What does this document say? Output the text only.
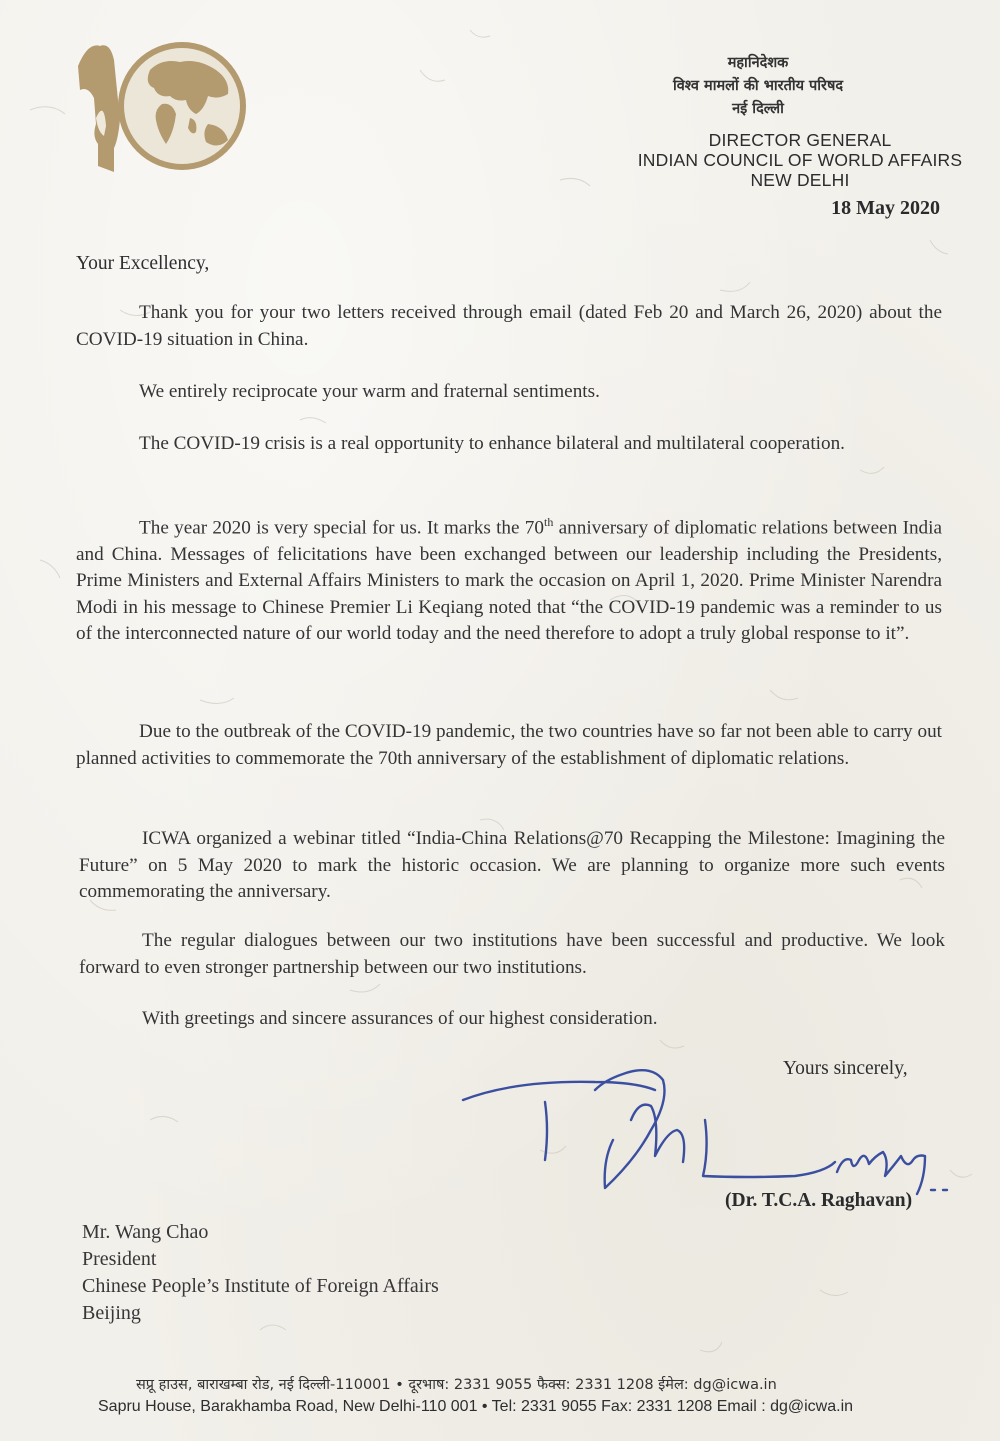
महानिदेशक
विश्व मामलों की भारतीय परिषद
नई दिल्ली
DIRECTOR GENERAL
INDIAN COUNCIL OF WORLD AFFAIRS
NEW DELHI
18 May 2020
Your Excellency,

Thank you for your two letters received through email (dated Feb 20 and March 26, 2020) about the COVID-19 situation in China.

We entirely reciprocate your warm and fraternal sentiments.

The COVID-19 crisis is a real opportunity to enhance bilateral and multilateral cooperation.

The year 2020 is very special for us. It marks the 70th anniversary of diplomatic relations between India and China. Messages of felicitations have been exchanged between our leadership including the Presidents, Prime Ministers and External Affairs Ministers to mark the occasion on April 1, 2020. Prime Minister Narendra Modi in his message to Chinese Premier Li Keqiang noted that “the COVID-19 pandemic was a reminder to us of the interconnected nature of our world today and the need therefore to adopt a truly global response to it”.

Due to the outbreak of the COVID-19 pandemic, the two countries have so far not been able to carry out planned activities to commemorate the 70th anniversary of the establishment of diplomatic relations.

ICWA organized a webinar titled “India-China Relations@70 Recapping the Milestone: Imagining the Future” on 5 May 2020 to mark the historic occasion. We are planning to organize more such events commemorating the anniversary.

The regular dialogues between our two institutions have been successful and productive. We look forward to even stronger partnership between our two institutions.

With greetings and sincere assurances of our highest consideration.

Yours sincerely,
(Dr. T.C.A. Raghavan)
Mr. Wang Chao
President
Chinese People’s Institute of Foreign Affairs
Beijing
सप्रू हाउस, बाराखम्बा रोड, नई दिल्ली-110001 • दूरभाष: 2331 9055 फैक्स: 2331 1208 ईमेल: dg@icwa.in
Sapru House, Barakhamba Road, New Delhi-110 001 • Tel: 2331 9055 Fax: 2331 1208 Email : dg@icwa.in
